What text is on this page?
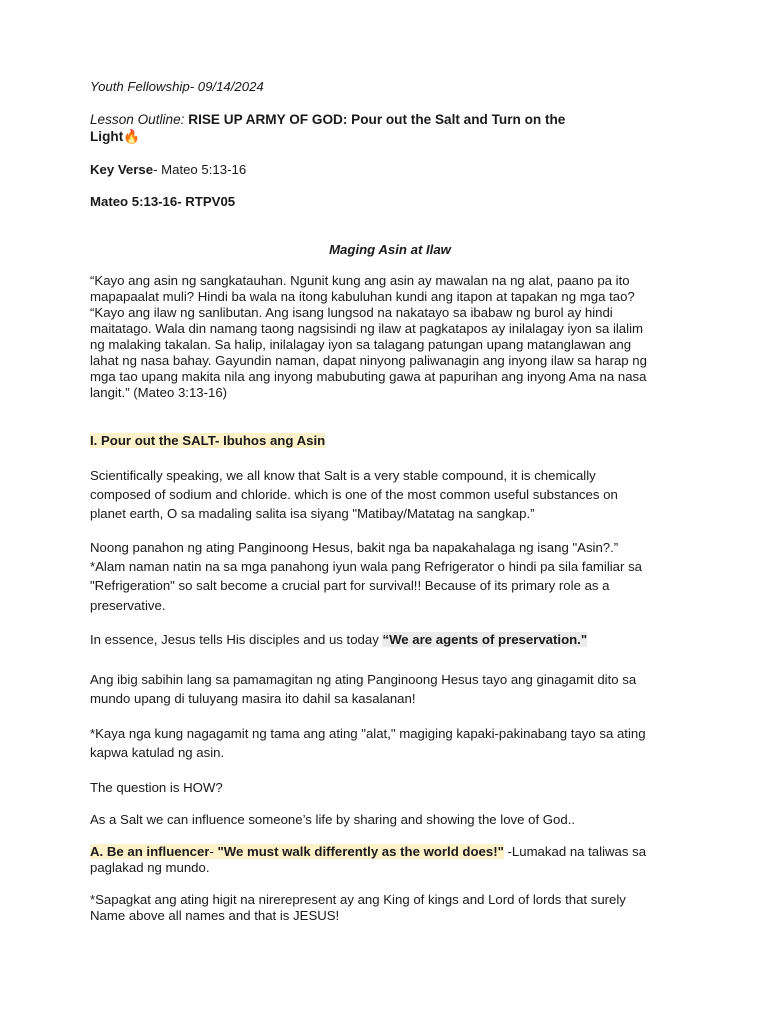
Youth Fellowship- 09/14/2024
Lesson Outline: RISE UP ARMY OF GOD: Pour out the Salt and Turn on the
Light🔥
Key Verse- Mateo 5:13-16
Mateo 5:13-16- RTPV05
Maging Asin at Ilaw
“Kayo ang asin ng sangkatauhan. Ngunit kung ang asin ay mawalan na ng alat, paano pa ito
mapapaalat muli? Hindi ba wala na itong kabuluhan kundi ang itapon at tapakan ng mga tao?
“Kayo ang ilaw ng sanlibutan. Ang isang lungsod na nakatayo sa ibabaw ng burol ay hindi
maitatago. Wala din namang taong nagsisindi ng ilaw at pagkatapos ay inilalagay iyon sa ilalim
ng malaking takalan. Sa halip, inilalagay iyon sa talagang patungan upang matanglawan ang
lahat ng nasa bahay. Gayundin naman, dapat ninyong paliwanagin ang inyong ilaw sa harap ng
mga tao upang makita nila ang inyong mabubuting gawa at papurihan ang inyong Ama na nasa
langit.” (Mateo 3:13-16)
I. Pour out the SALT- Ibuhos ang Asin
Scientifically speaking, we all know that Salt is a very stable compound, it is chemically
composed of sodium and chloride. which is one of the most common useful substances on
planet earth, O sa madaling salita isa siyang "Matibay/Matatag na sangkap.”
Noong panahon ng ating Panginoong Hesus, bakit nga ba napakahalaga ng isang "Asin?.”
*Alam naman natin na sa mga panahong iyun wala pang Refrigerator o hindi pa sila familiar sa
"Refrigeration" so salt become a crucial part for survival!! Because of its primary role as a
preservative.
In essence, Jesus tells His disciples and us today “We are agents of preservation."
Ang ibig sabihin lang sa pamamagitan ng ating Panginoong Hesus tayo ang ginagamit dito sa
mundo upang di tuluyang masira ito dahil sa kasalanan!
*Kaya nga kung nagagamit ng tama ang ating "alat," magiging kapaki-pakinabang tayo sa ating
kapwa katulad ng asin.
The question is HOW?
As a Salt we can influence someone’s life by sharing and showing the love of God..
A. Be an influencer- "We must walk differently as the world does!" -Lumakad na taliwas sa
paglakad ng mundo.
*Sapagkat ang ating higit na nirerepresent ay ang King of kings and Lord of lords that surely
Name above all names and that is JESUS!
